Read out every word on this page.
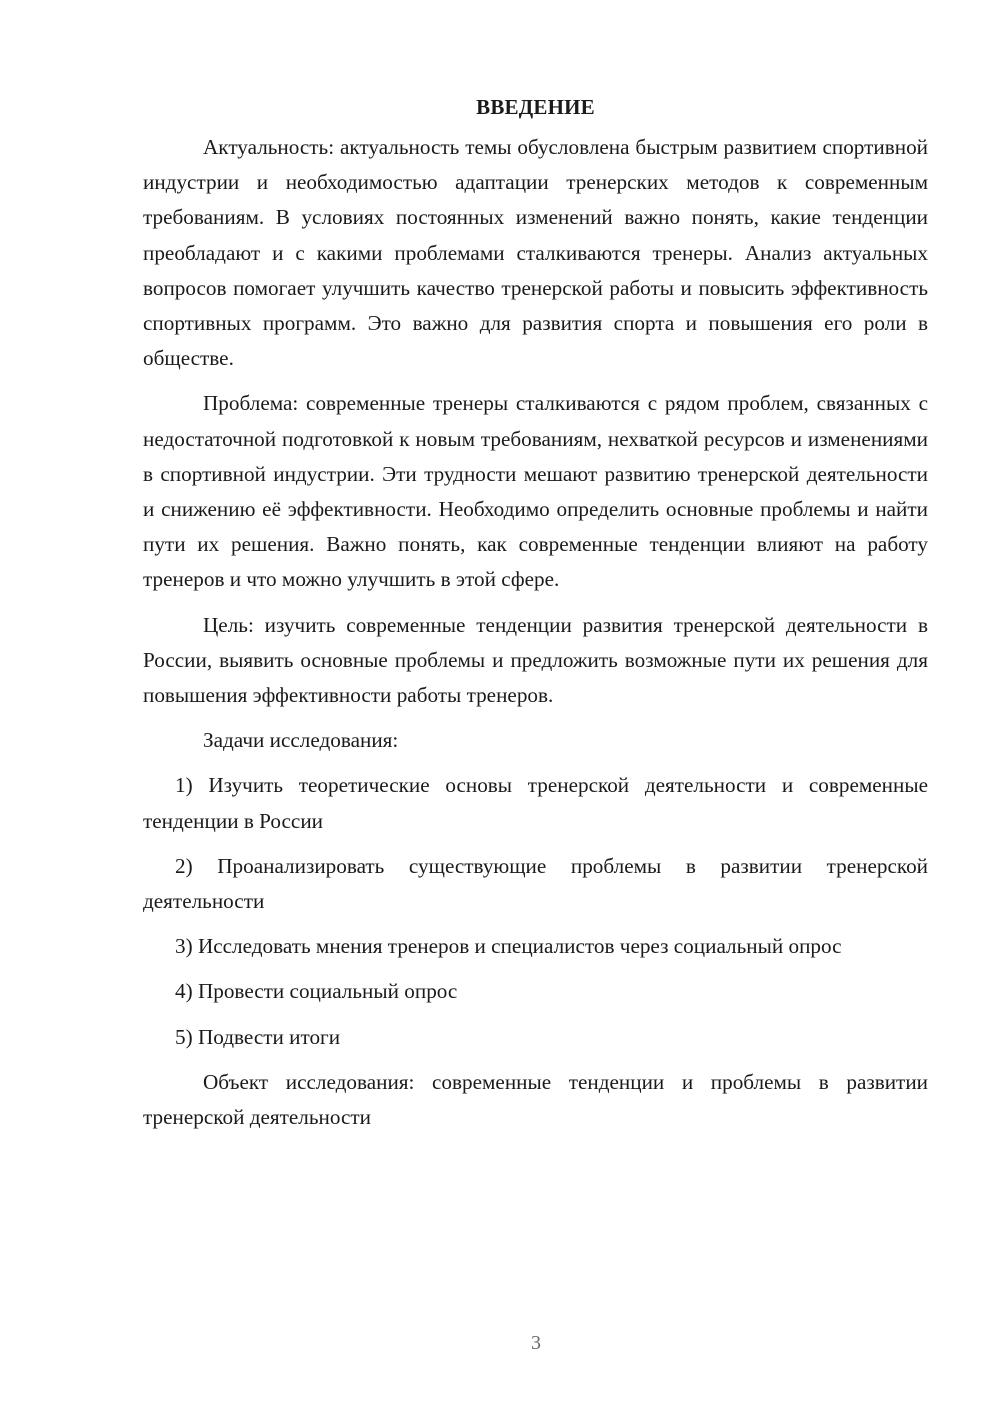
ВВЕДЕНИЕ

Актуальность: актуальность темы обусловлена быстрым развитием спортивной индустрии и необходимостью адаптации тренерских методов к современным требованиям. В условиях постоянных изменений важно понять, какие тенденции преобладают и с какими проблемами сталкиваются тренеры. Анализ актуальных вопросов помогает улучшить качество тренерской работы и повысить эффективность спортивных программ. Это важно для развития спорта и повышения его роли в обществе.

Проблема: современные тренеры сталкиваются с рядом проблем, связанных с недостаточной подготовкой к новым требованиям, нехваткой ресурсов и изменениями в спортивной индустрии. Эти трудности мешают развитию тренерской деятельности и снижению её эффективности. Необходимо определить основные проблемы и найти пути их решения. Важно понять, как современные тенденции влияют на работу тренеров и что можно улучшить в этой сфере.

Цель: изучить современные тенденции развития тренерской деятельности в России, выявить основные проблемы и предложить возможные пути их решения для повышения эффективности работы тренеров.

Задачи исследования:

1) Изучить теоретические основы тренерской деятельности и современные тенденции в России

2) Проанализировать существующие проблемы в развитии тренерской деятельности

3) Исследовать мнения тренеров и специалистов через социальный опрос

4) Провести социальный опрос

5) Подвести итоги

Объект исследования: современные тенденции и проблемы в развитии тренерской деятельности

3
